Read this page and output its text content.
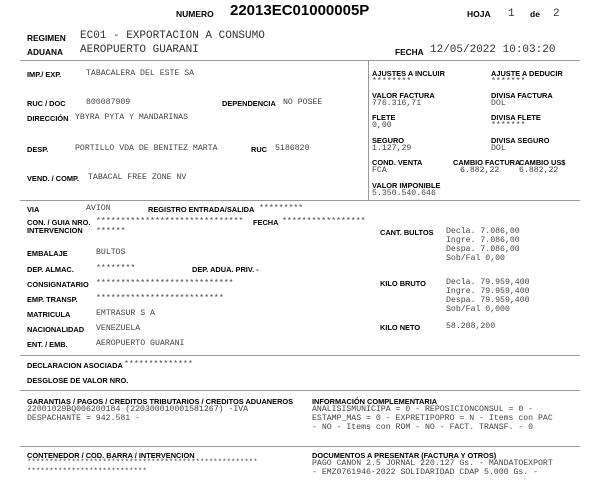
NUMERO 22013EC01000005P	HOJA 1 de 2
REGIMEN EC01 - EXPORTACION A CONSUMO
ADUANA AEROPUERTO GUARANI	FECHA 12/05/2022 10:03:20
IMP./ EXP.	TABACALERA DEL ESTE SA
RUC / DOC 800087909	DEPENDENCIA NO POSEE
DIRECCIÓN YBYRA PYTA Y MANDARINAS
DESP.	PORTILLO VDA DE BENITEZ MARTA	RUC 5186820
VEND. / COMP. TABACAL FREE ZONE NV
AJUSTES A INCLUIR
********
AJUSTE A DEDUCIR
*******
VALOR FACTURA
776.316,71
DIVISA FACTURA
DOL
FLETE
0,00
DIVISA FLETE
*******
SEGURO
1.127,29
DIVISA SEGURO
DOL
COND. VENTA
FCA
CAMBIO FACTURA
6.882,22
CAMBIO US$
6.882,22
VALOR IMPONIBLE
5.350.540.646
VIA	AVION	REGISTRO ENTRADA/SALIDA *********
CON. / GUIA NRO. ****************************** FECHA *****************
INTERVENCION ******
EMBALAJE	BULTOS
DEP. ALMAC.	********	DEP. ADUA. PRIV. -
CONSIGNATARIO ****************************
EMP. TRANSP. **************************
MATRICULA	EMTRASUR S A
NACIONALIDAD VENEZUELA
ENT. / EMB.	AEROPUERTO GUARANI
CANT. BULTOS Decla. 7.086,00
Ingre. 7.086,00
Despa. 7.086,00
Sob/Fal 0,00
KILO BRUTO Decla. 79.959,400
Ingre. 79.959,400
Despa. 79.959,400
Sob/Fal 0,000
KILO NETO	58.208,200
DECLARACION ASOCIADA **************
DESGLOSE DE VALOR NRO.
GARANTIAS / PAGOS / CREDITOS TRIBUTARIOS / CREDITOS ADUANEROS
22001029BQ006200184 (220300010001581267) -IVA
DESPACHANTE = 942.581 -
INFORMACIÓN COMPLEMENTARIA
ANALISISMUNICIPA = 0 - REPOSICIONCONSUL = 0 -
ESTAMP_MAS = 0 - EXPRETIPOPRO = N - Items con PAC
- NO - Items con ROM - NO - FACT. TRANSF. - 0
CONTENEDOR / COD. BARRA / INTERVENCION
****************************************************
***************************
DOCUMENTOS A PRESENTAR (FACTURA Y OTROS)
PAGO CANON 2.5 JORNAL 220.127 Gs. - MANDATOEXPORT
- EMZ0761946-2022 SOLIDARIDAD CDAP 5.000 Gs. -
